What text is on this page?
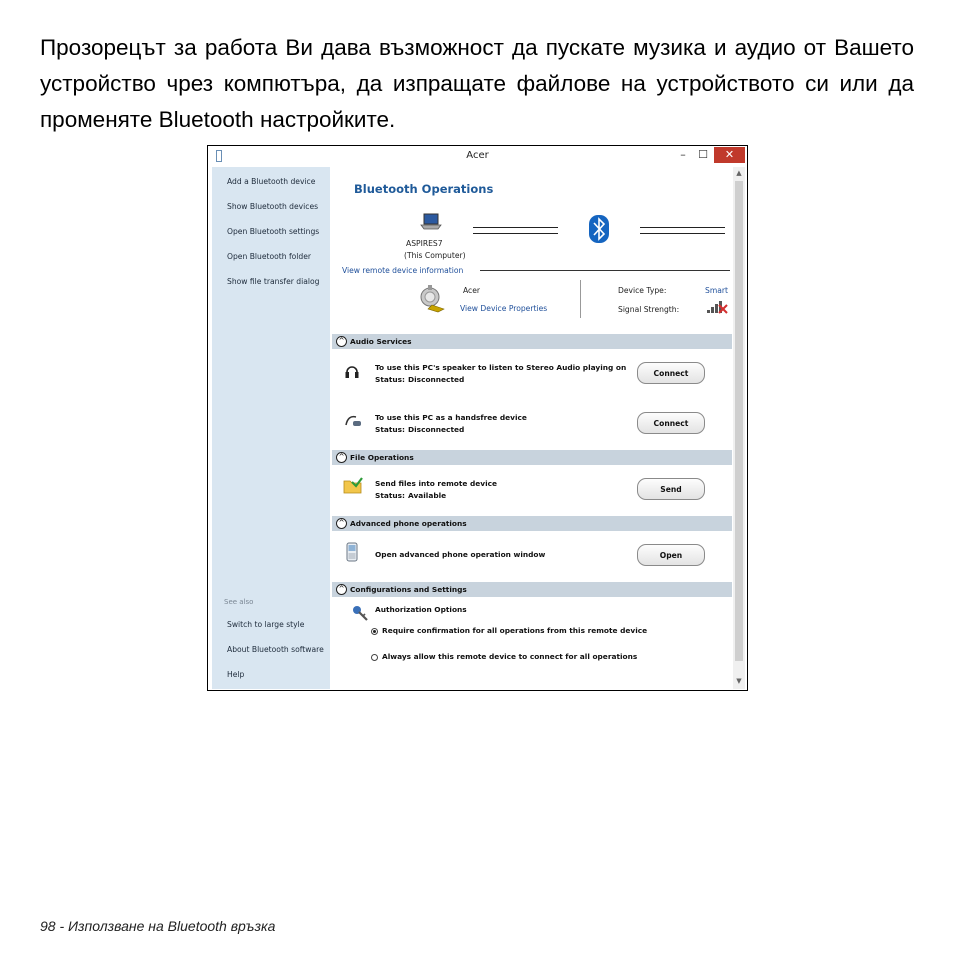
Прозорецът за работа Ви дава възможност да пускате музика и аудио от Вашето устройство чрез компютъра, да изпращате файлове на устройството си или да променяте Bluetooth настройките.

Acer	–	☐	✕
Add a Bluetooth device
Show Bluetooth devices
Open Bluetooth settings
Open Bluetooth folder
Show file transfer dialog
See also
Switch to large style
About Bluetooth software
Help
Bluetooth Operations
ASPIRES7
(This Computer)
View remote device information
Acer
View Device Properties
Device Type:	Smart
Signal Strength:
^ Audio Services
To use this PC's speaker to listen to Stereo Audio playing on
Status: Disconnected
Connect
To use this PC as a handsfree device
Status: Disconnected
Connect
^ File Operations
Send files into remote device
Status: Available
Send
^ Advanced phone operations
Open advanced phone operation window	Open
^ Configurations and Settings
Authorization Options
Require confirmation for all operations from this remote device
Always allow this remote device to connect for all operations
▲
▼
98 - Използване на Bluetooth връзка
